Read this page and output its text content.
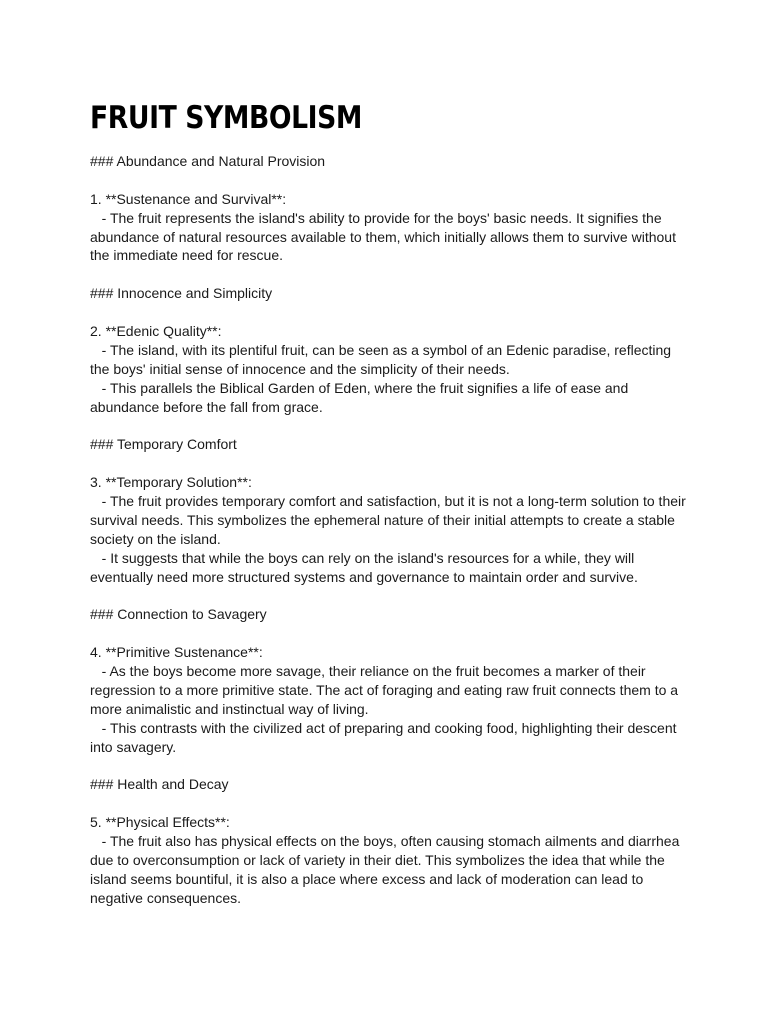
FRUIT SYMBOLISM
### Abundance and Natural Provision
1. **Sustenance and Survival**:
- The fruit represents the island's ability to provide for the boys' basic needs. It signifies the
abundance of natural resources available to them, which initially allows them to survive without
the immediate need for rescue.
### Innocence and Simplicity
2. **Edenic Quality**:
- The island, with its plentiful fruit, can be seen as a symbol of an Edenic paradise, reflecting
the boys' initial sense of innocence and the simplicity of their needs.
- This parallels the Biblical Garden of Eden, where the fruit signifies a life of ease and
abundance before the fall from grace.
### Temporary Comfort
3. **Temporary Solution**:
- The fruit provides temporary comfort and satisfaction, but it is not a long-term solution to their
survival needs. This symbolizes the ephemeral nature of their initial attempts to create a stable
society on the island.
- It suggests that while the boys can rely on the island's resources for a while, they will
eventually need more structured systems and governance to maintain order and survive.
### Connection to Savagery
4. **Primitive Sustenance**:
- As the boys become more savage, their reliance on the fruit becomes a marker of their
regression to a more primitive state. The act of foraging and eating raw fruit connects them to a
more animalistic and instinctual way of living.
- This contrasts with the civilized act of preparing and cooking food, highlighting their descent
into savagery.
### Health and Decay
5. **Physical Effects**:
- The fruit also has physical effects on the boys, often causing stomach ailments and diarrhea
due to overconsumption or lack of variety in their diet. This symbolizes the idea that while the
island seems bountiful, it is also a place where excess and lack of moderation can lead to
negative consequences.
